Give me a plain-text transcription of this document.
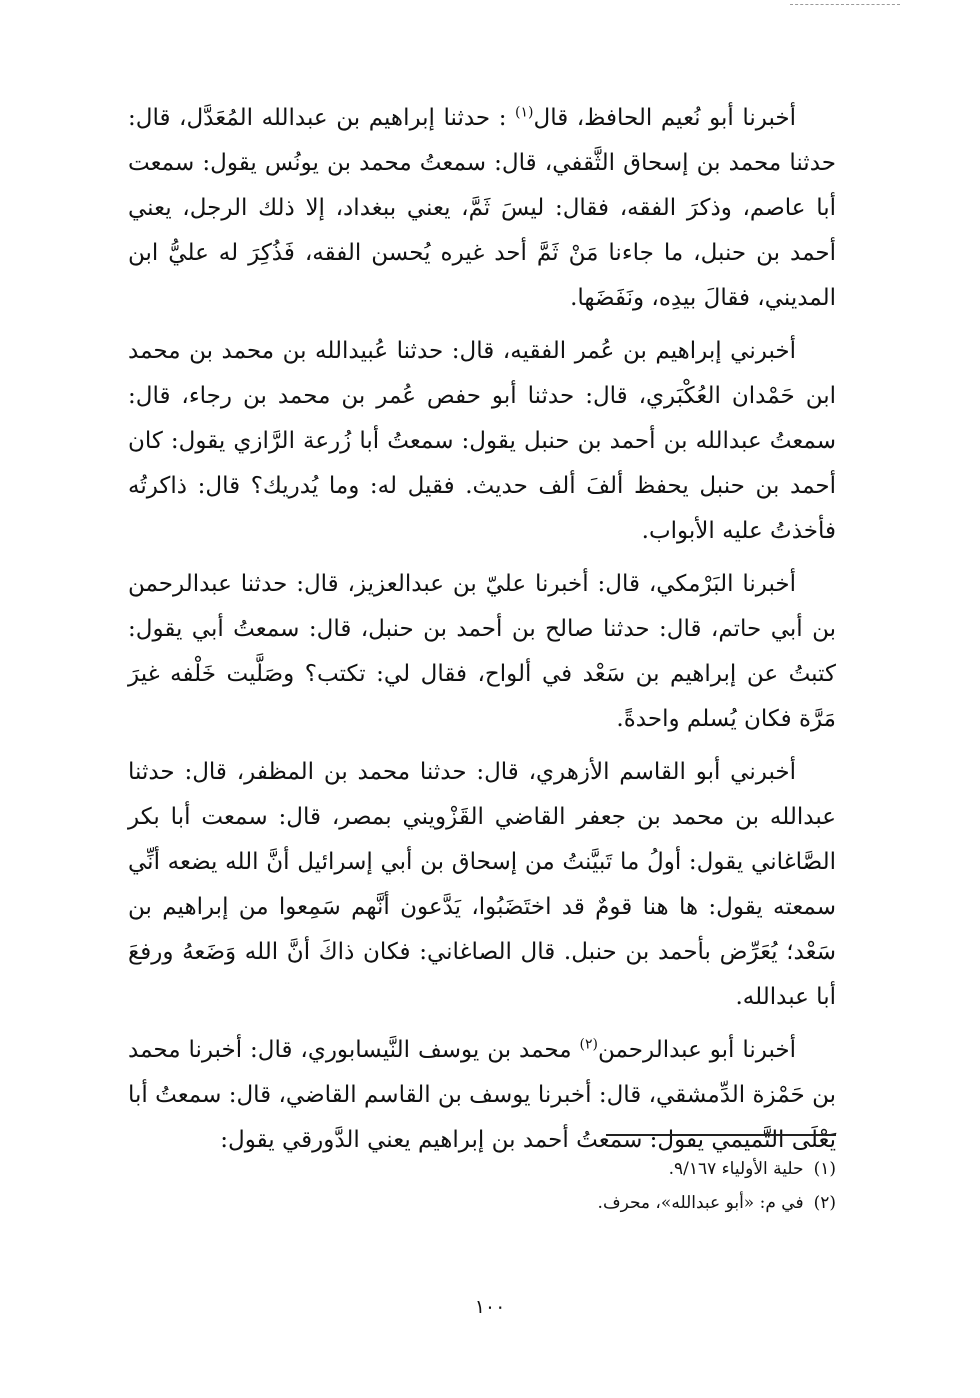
أخبرنا أبو نُعيم الحافظ، قال$^{(١)}$ : حدثنا إبراهيم بن عبدالله المُعَدَّل، قال: حدثنا محمد بن إسحاق الثَّقفي، قال: سمعتُ محمد بن يونُس يقول: سمعت أبا عاصم، وذكرَ الفقه، فقال: ليسَ ثَمَّ، يعني ببغداد، إلا ذلك الرجل، يعني أحمد بن حنبل، ما جاءنا مَنْ ثَمَّ أحد غيره يُحسن الفقه، فَذُكِرَ له عليُّ ابن المديني، فقالَ بيدِه، ونَفَضَها.

أخبرني إبراهيم بن عُمر الفقيه، قال: حدثنا عُبيدالله بن محمد بن محمد ابن حَمْدان العُكْبَري، قال: حدثنا أبو حفص عُمر بن محمد بن رجاء، قال: سمعتُ عبدالله بن أحمد بن حنبل يقول: سمعتُ أبا زُرعة الرَّازي يقول: كان أحمد بن حنبل يحفظ ألفَ ألف حديث. فقيل له: وما يُدريك؟ قال: ذاكرتُه فأخذتُ عليه الأبواب.

أخبرنا البَرْمكي، قال: أخبرنا عليّ بن عبدالعزيز، قال: حدثنا عبدالرحمن بن أبي حاتم، قال: حدثنا صالح بن أحمد بن حنبل، قال: سمعتُ أبي يقول: كتبتُ عن إبراهيم بن سَعْد في ألواح، فقال لي: تكتب؟ وصَلَّيت خَلْفه غيرَ مَرَّة فكان يُسلم واحدةً.

أخبرني أبو القاسم الأزهري، قال: حدثنا محمد بن المظفر، قال: حدثنا عبدالله بن محمد بن جعفر القاضي القَزْويني بمصر، قال: سمعت أبا بكر الصَّاغاني يقول: أولُ ما تَبيَّنتُ من إسحاق بن أبي إسرائيل أنَّ الله يضعه أنِّي سمعته يقول: ها هنا قومٌ قد اختَضَبُوا، يَدَّعون أنَّهم سَمِعوا من إبراهيم بن سَعْد؛ يُعَرِّض بأحمد بن حنبل. قال الصاغاني: فكان ذاكَ أنَّ الله وَضَعهُ ورفعَ أبا عبدالله.

أخبرنا أبو عبدالرحمن$^{(٢)}$ محمد بن يوسف النَّيسابوري، قال: أخبرنا محمد بن حَمْزة الدِّمشقي، قال: أخبرنا يوسف بن القاسم القاضي، قال: سمعتُ أبا يَعْلَى التَّميمي يقول: سمعتُ أحمد بن إبراهيم يعني الدَّورقي يقول:

(١)حلية الأولياء ٩/١٦٧.

(٢)في م: «أبو عبدالله»، محرف.

١٠٠
